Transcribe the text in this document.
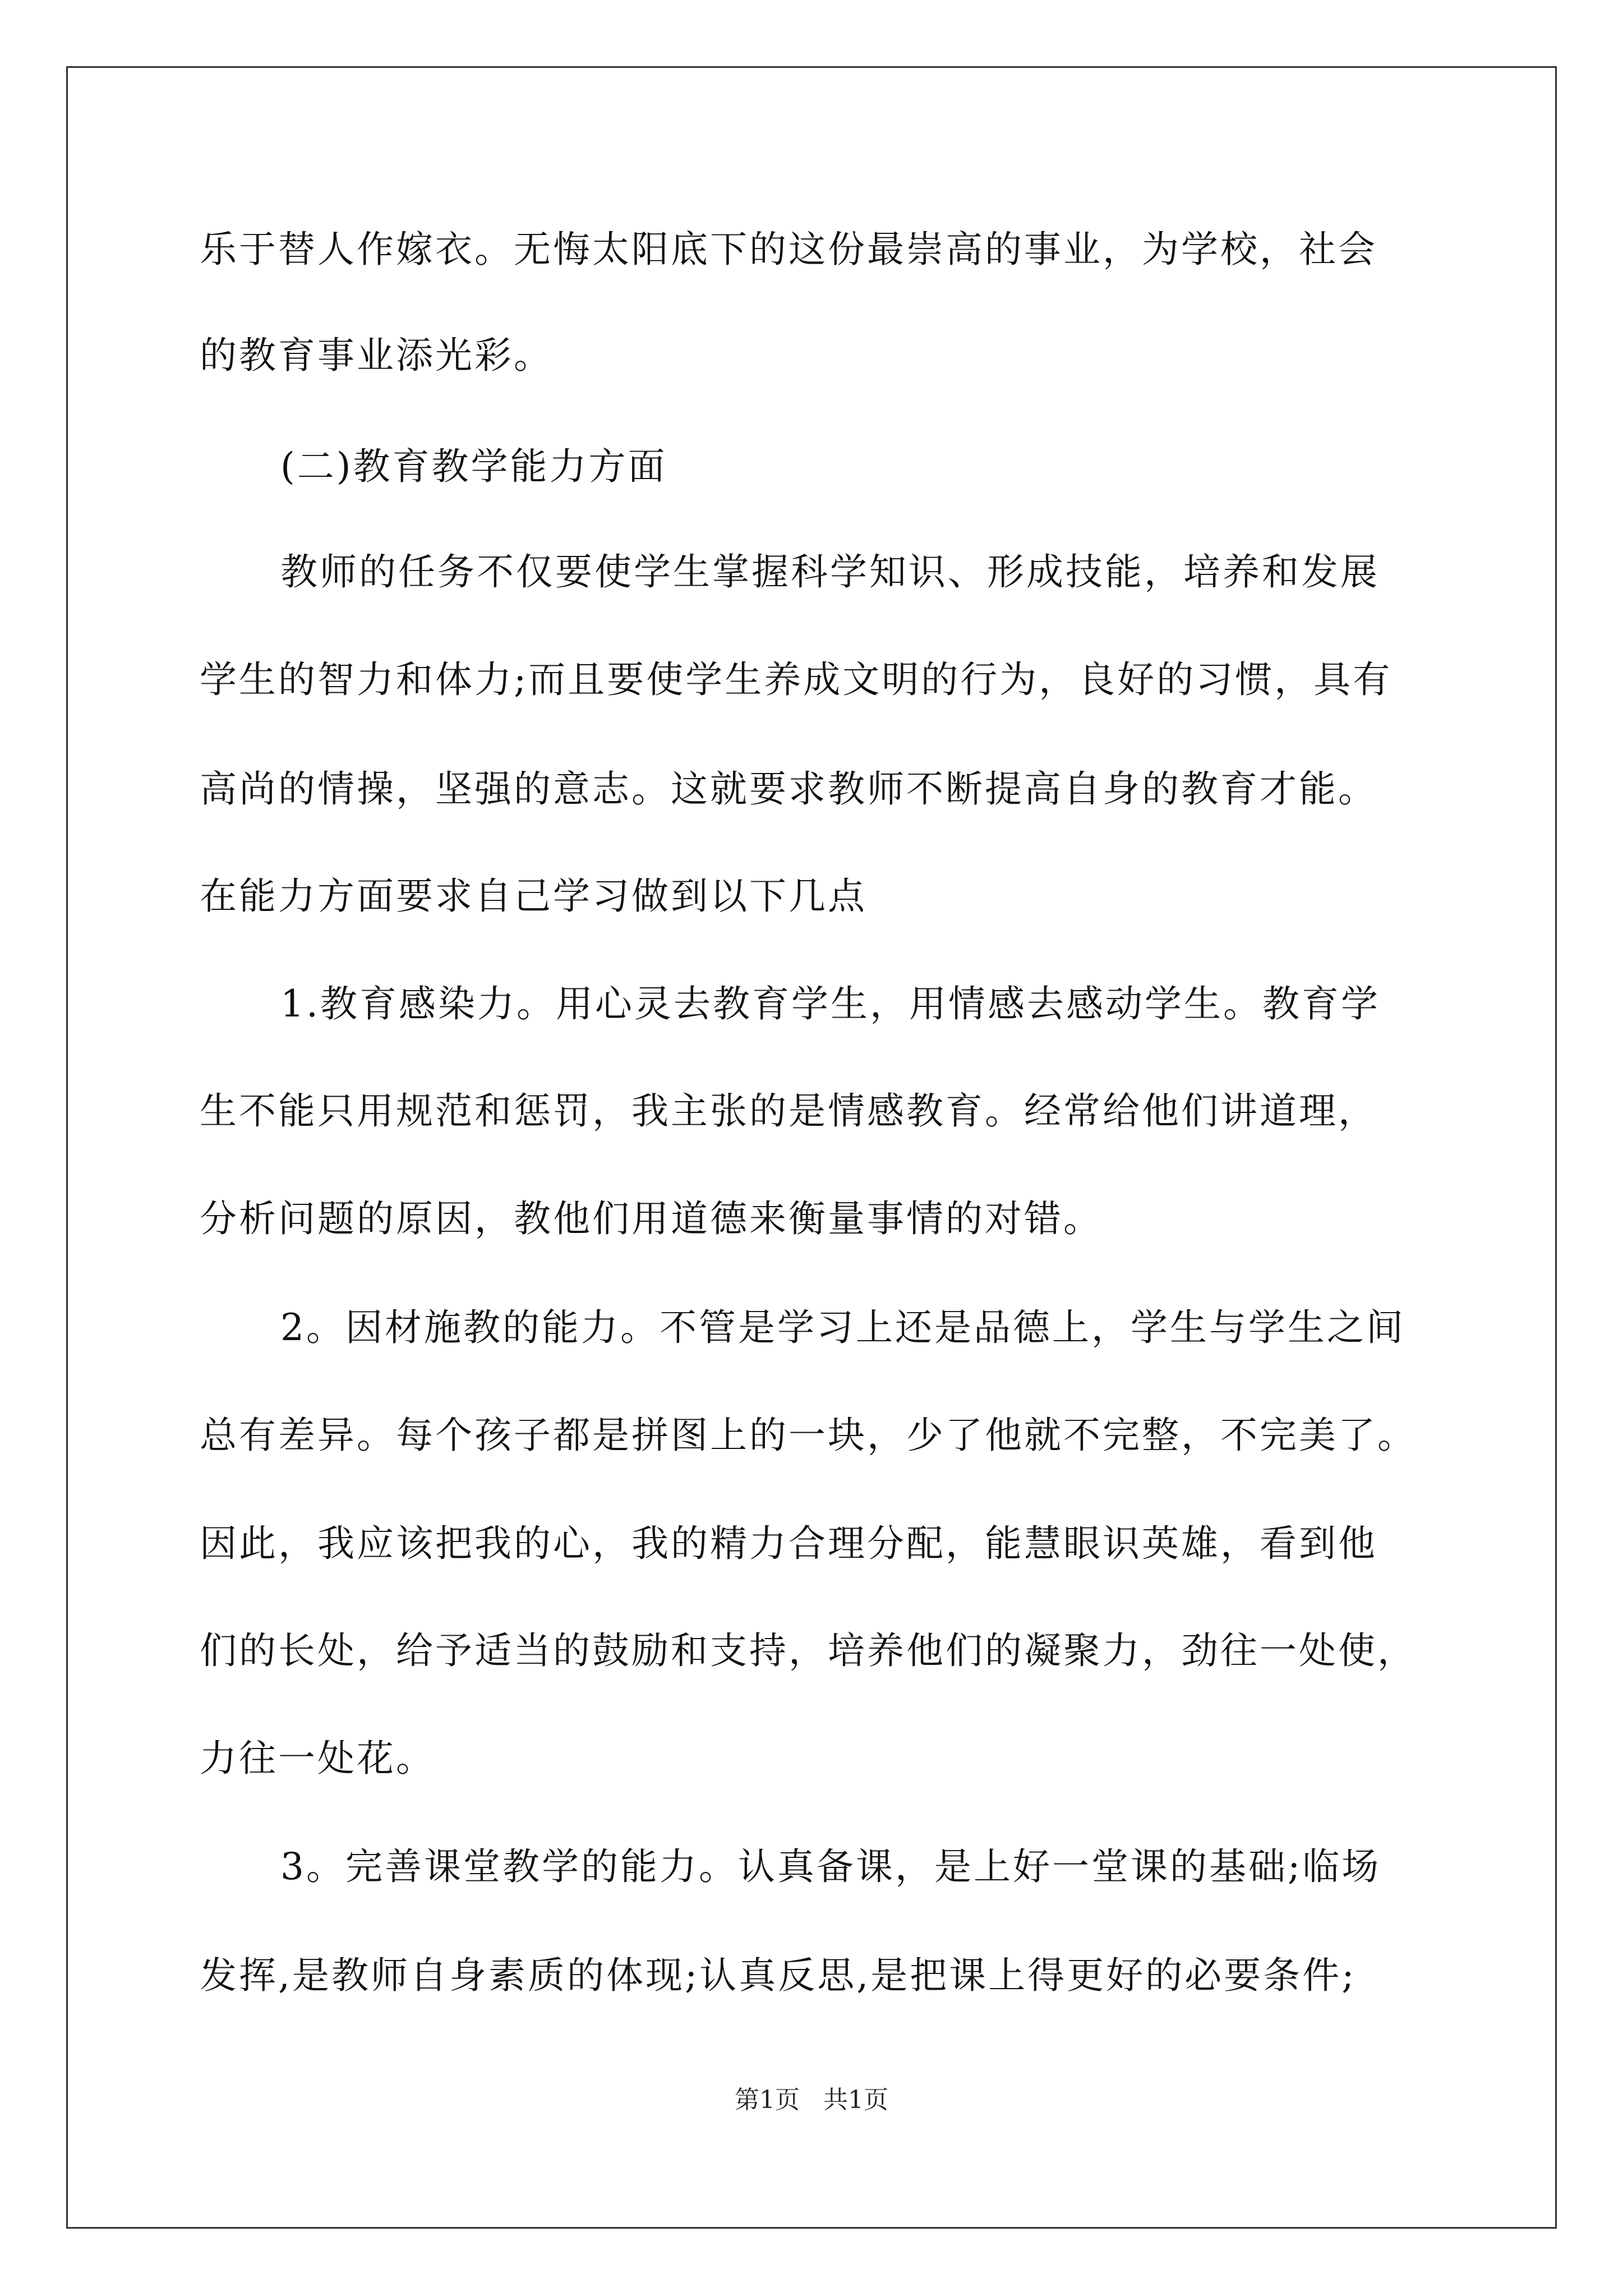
乐于替人作嫁衣。无悔太阳底下的这份最崇高的事业，为学校，社会
的教育事业添光彩。
(二)教育教学能力方面
教师的任务不仅要使学生掌握科学知识、形成技能，培养和发展
学生的智力和体力;而且要使学生养成文明的行为，良好的习惯，具有
高尚的情操，坚强的意志。这就要求教师不断提高自身的教育才能。
在能力方面要求自己学习做到以下几点
1.教育感染力。用心灵去教育学生，用情感去感动学生。教育学
生不能只用规范和惩罚，我主张的是情感教育。经常给他们讲道理，
分析问题的原因，教他们用道德来衡量事情的对错。
2。因材施教的能力。不管是学习上还是品德上，学生与学生之间
总有差异。每个孩子都是拼图上的一块，少了他就不完整，不完美了。
因此，我应该把我的心，我的精力合理分配，能慧眼识英雄，看到他
们的长处，给予适当的鼓励和支持，培养他们的凝聚力，劲往一处使，
力往一处花。
3。完善课堂教学的能力。认真备课，是上好一堂课的基础;临场
发挥,是教师自身素质的体现;认真反思,是把课上得更好的必要条件;
第1页   共1页
